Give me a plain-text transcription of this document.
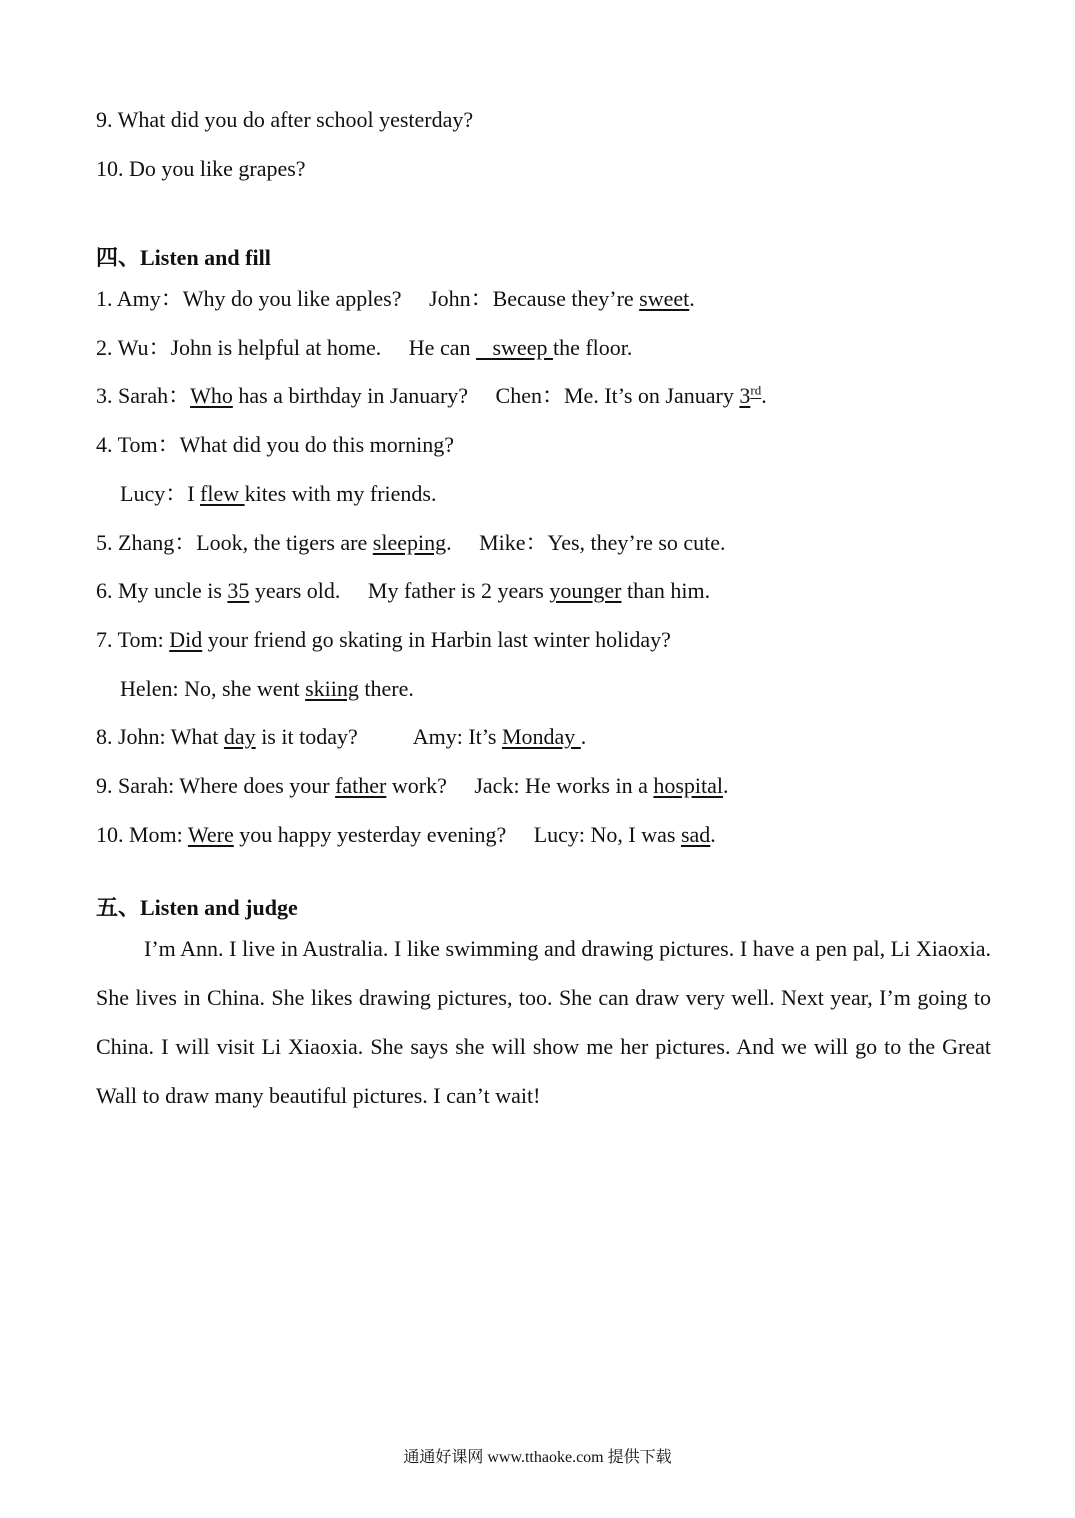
9. What did you do after school yesterday?
10. Do you like grapes?
四、Listen and fill
1. Amy：Why do you like apples?　 John：Because they’re sweet.
2. Wu：John is helpful at home. 　He can    sweep the floor.
3. Sarah：Who has a birthday in January? 　Chen：Me. It’s on January 3rd.
4. Tom：What did you do this morning?
Lucy：I flew kites with my friends.
5. Zhang：Look, the tigers are sleeping. 　Mike：Yes, they’re so cute.
6. My uncle is 35 years old. 　My father is 2 years younger than him.
7. Tom: Did your friend go skating in Harbin last winter holiday?
Helen: No, she went skiing there.
8. John: What day is it today?  　　Amy: It’s Monday .
9. Sarah: Where does your father work? 　Jack: He works in a hospital.
10. Mom: Were you happy yesterday evening? 　Lucy: No, I was sad.
五、Listen and judge
I’m Ann. I live in Australia. I like swimming and drawing pictures. I have a pen pal, Li Xiaoxia. She lives in China. She likes drawing pictures, too. She can draw very well. Next year, I’m going to China. I will visit Li Xiaoxia. She says she will show me her pictures. And we will go to the Great Wall to draw many beautiful pictures. I can’t wait!
通通好课网 www.tthaoke.com 提供下载
